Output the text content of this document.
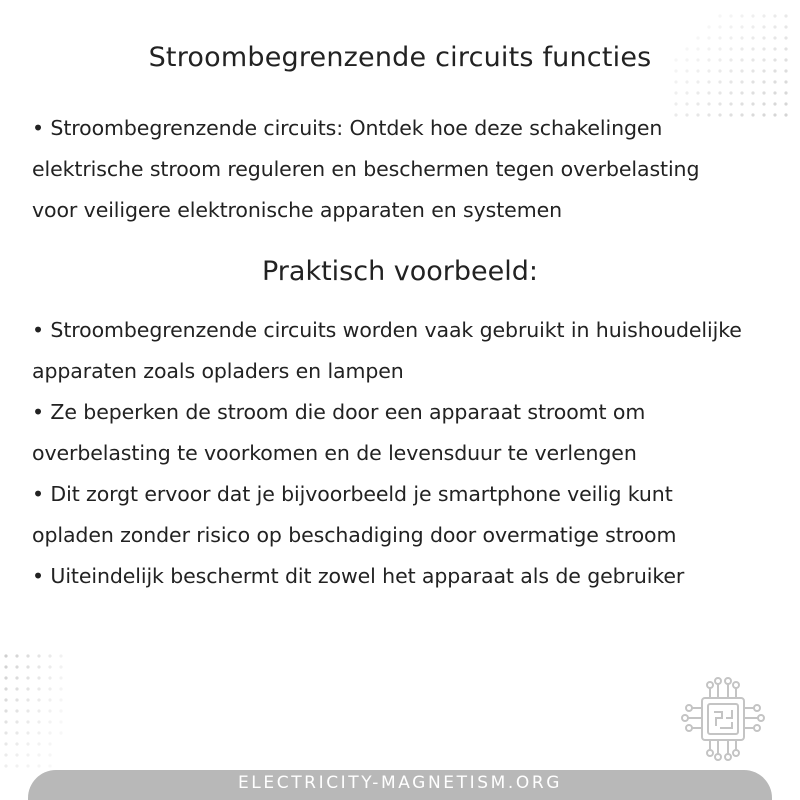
Stroombegrenzende circuits functies
• Stroombegrenzende circuits: Ontdek hoe deze schakelingen
elektrische stroom reguleren en beschermen tegen overbelasting
voor veiligere elektronische apparaten en systemen
Praktisch voorbeeld:
• Stroombegrenzende circuits worden vaak gebruikt in huishoudelijke
apparaten zoals opladers en lampen
• Ze beperken de stroom die door een apparaat stroomt om
overbelasting te voorkomen en de levensduur te verlengen
• Dit zorgt ervoor dat je bijvoorbeeld je smartphone veilig kunt
opladen zonder risico op beschadiging door overmatige stroom
• Uiteindelijk beschermt dit zowel het apparaat als de gebruiker
ELECTRICITY-MAGNETISM.ORG
